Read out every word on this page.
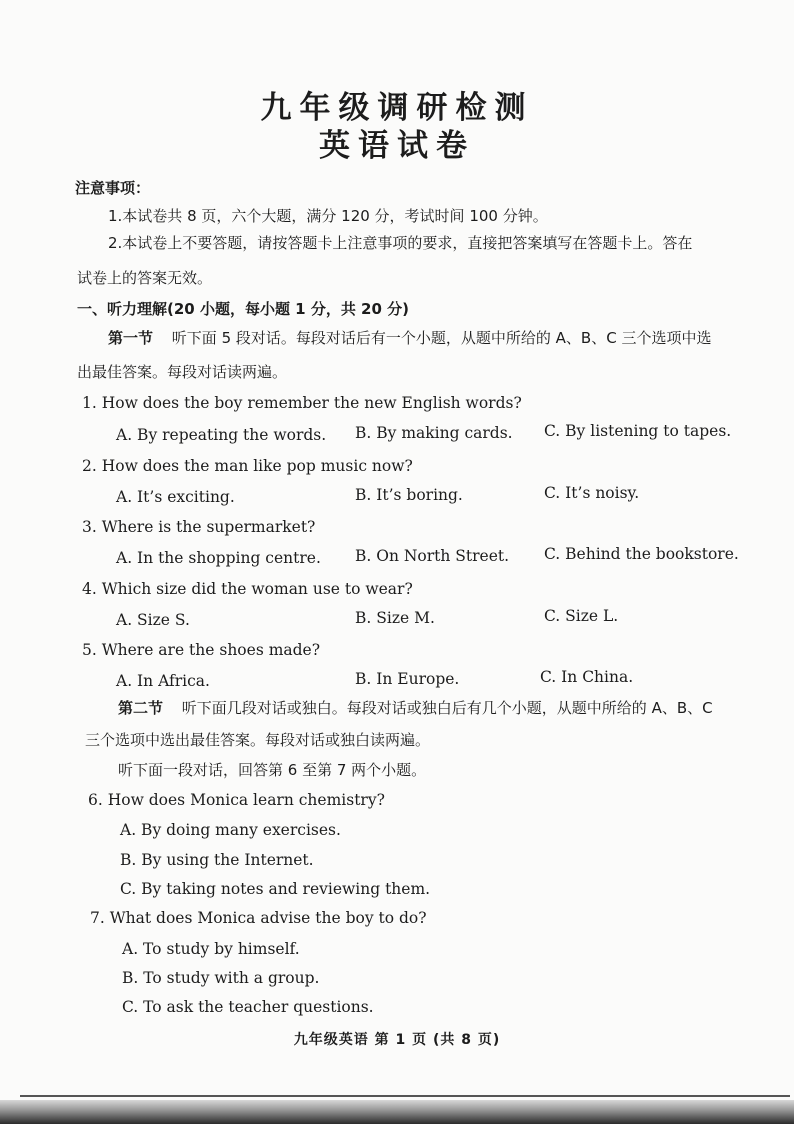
九年级调研检测
英语试卷
注意事项：
1.本试卷共 8 页，六个大题，满分 120 分，考试时间 100 分钟。
2.本试卷上不要答题，请按答题卡上注意事项的要求，直接把答案填写在答题卡上。答在
试卷上的答案无效。
一、听力理解(20 小题，每小题 1 分，共 20 分)
第一节 听下面 5 段对话。每段对话后有一个小题，从题中所给的 A、B、C 三个选项中选
出最佳答案。每段对话读两遍。
1. How does the boy remember the new English words?
A. By repeating the words. B. By making cards. C. By listening to tapes.
2. How does the man like pop music now?
A. It’s exciting.	B. It’s boring.	C. It’s noisy.
3. Where is the supermarket?
A. In the shopping centre. B. On North Street. C. Behind the bookstore.
4. Which size did the woman use to wear?
A. Size S.	B. Size M.	C. Size L.
5. Where are the shoes made?
A. In Africa.	B. In Europe.	C. In China.
第二节 听下面几段对话或独白。每段对话或独白后有几个小题，从题中所给的 A、B、C
三个选项中选出最佳答案。每段对话或独白读两遍。
听下面一段对话，回答第 6 至第 7 两个小题。
6. How does Monica learn chemistry?
A. By doing many exercises.
B. By using the Internet.
C. By taking notes and reviewing them.
7. What does Monica advise the boy to do?
A. To study by himself.
B. To study with a group.
C. To ask the teacher questions.
九年级英语 第 1 页 (共 8 页)
